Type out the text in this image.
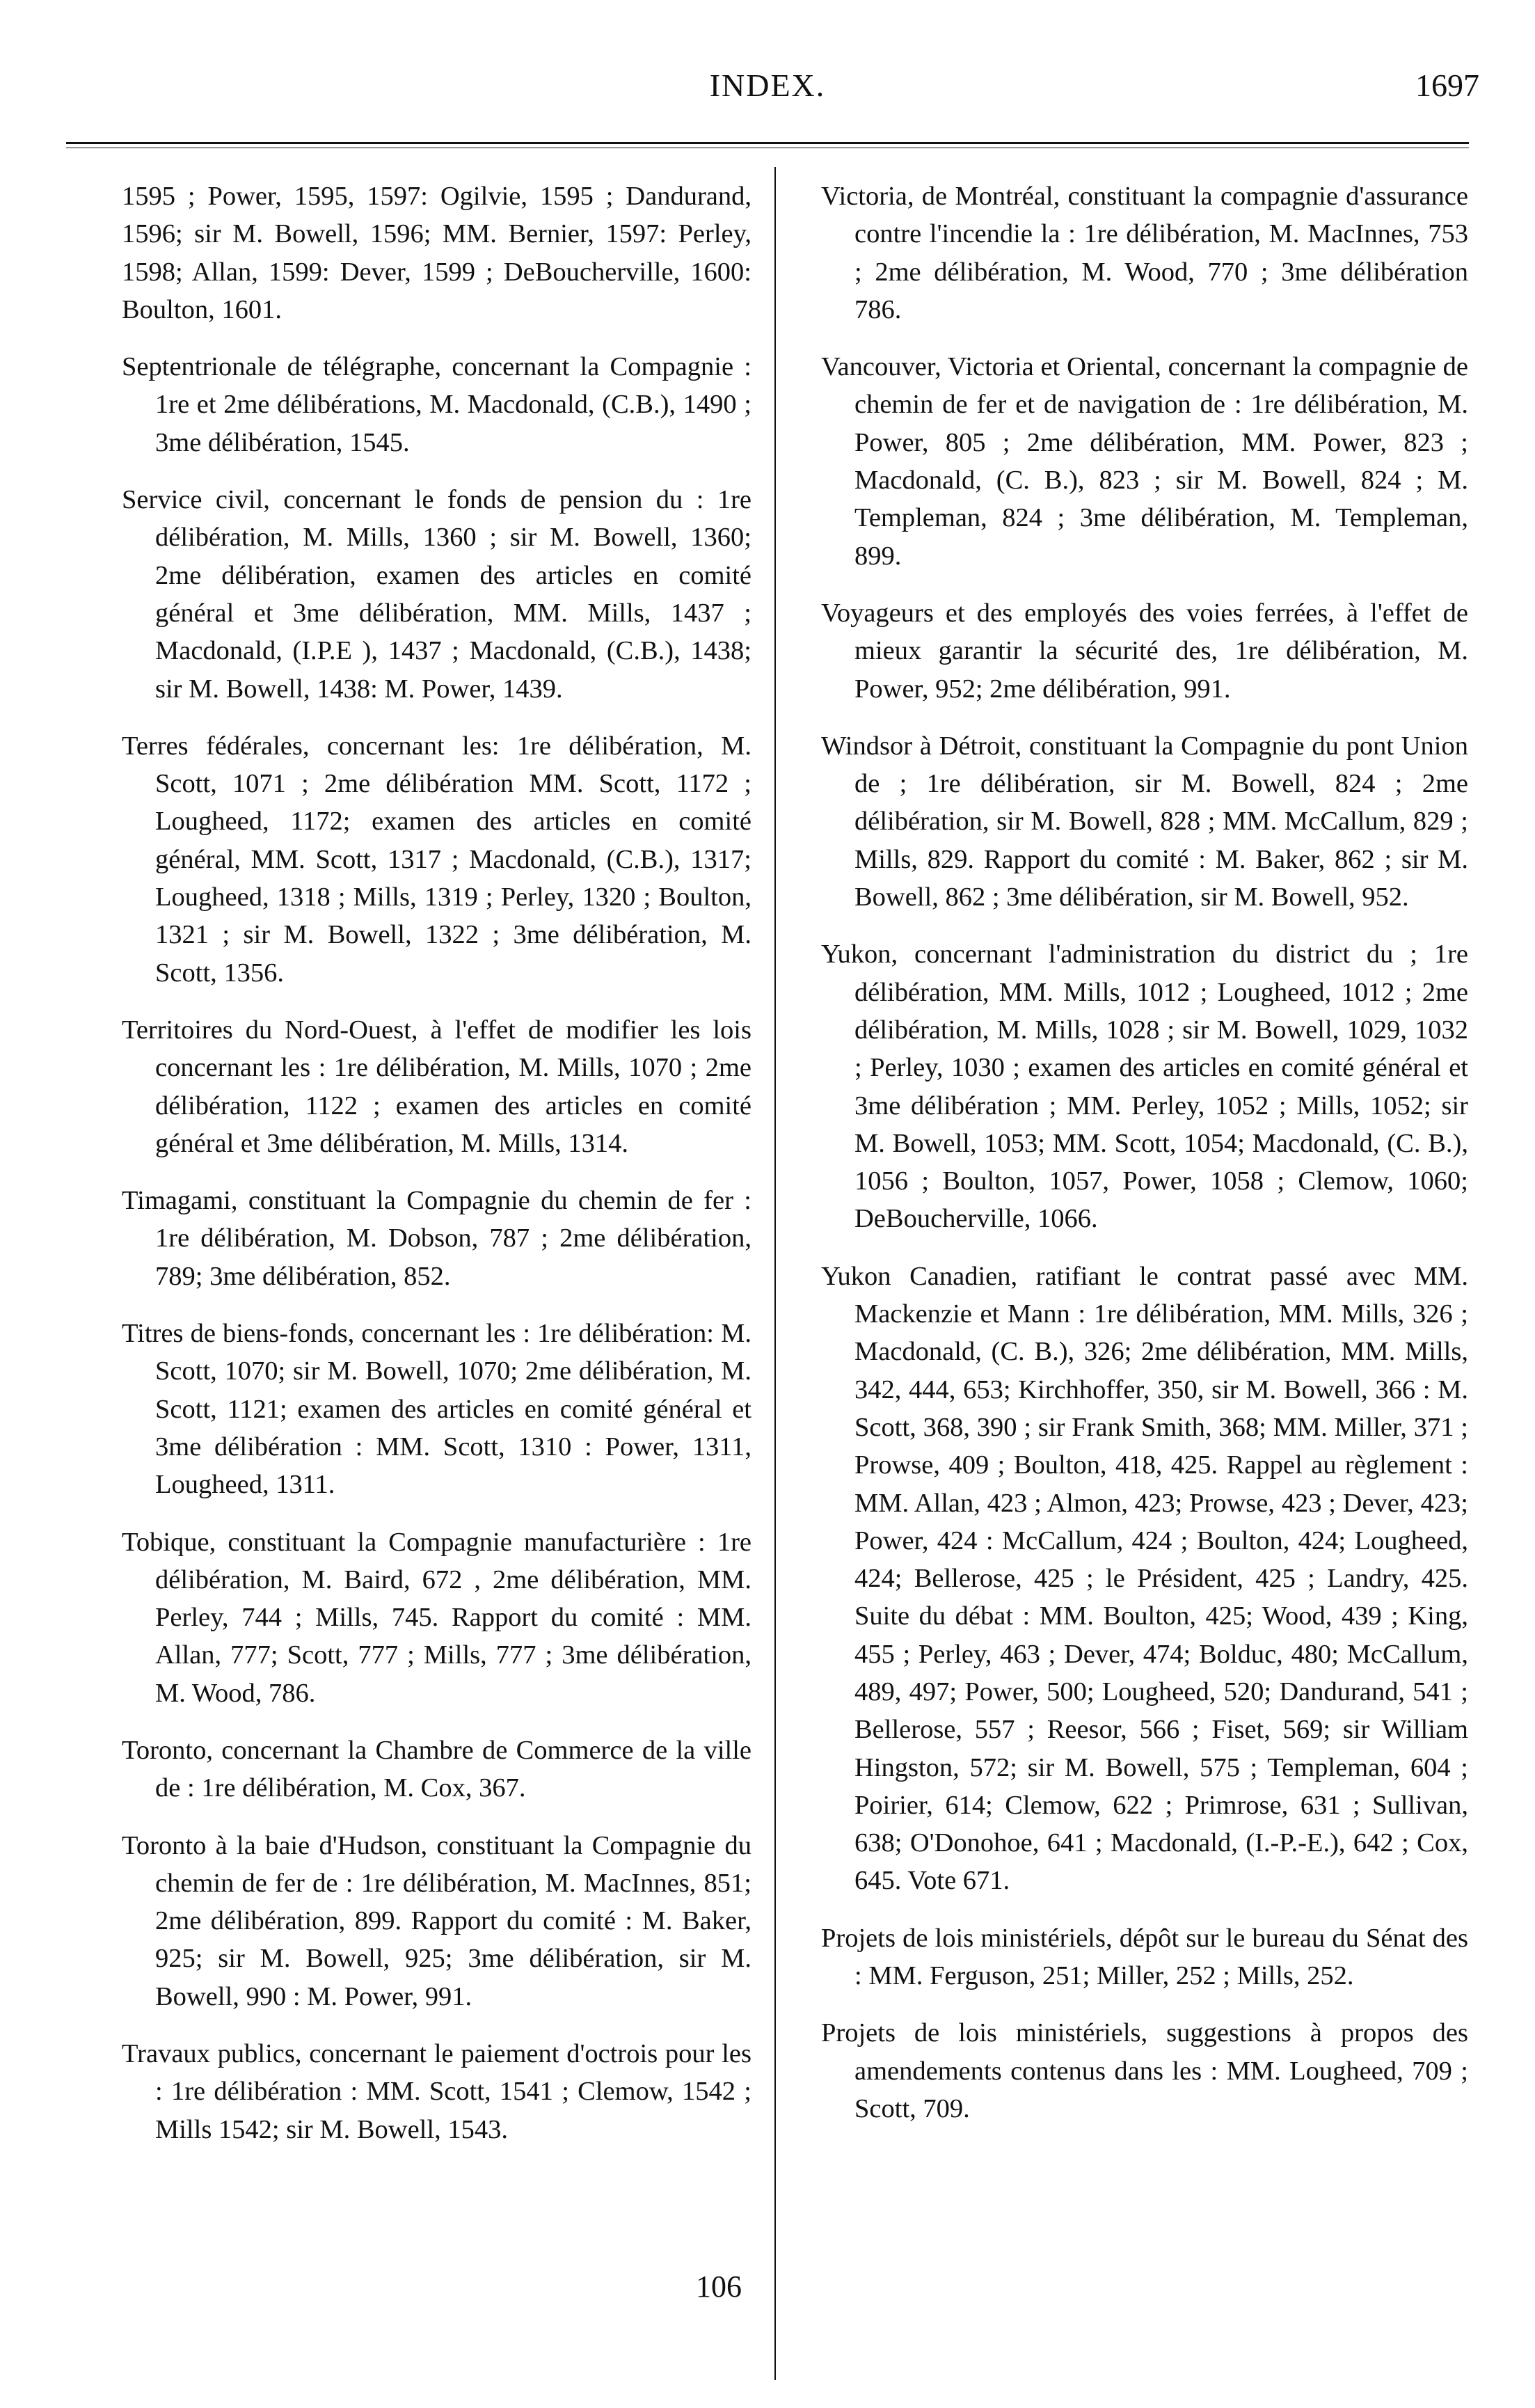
INDEX.	1697

1595 ; Power, 1595, 1597: Ogilvie, 1595 ; Dandurand, 1596; sir M. Bowell, 1596; MM. Bernier, 1597: Perley, 1598; Allan, 1599: Dever, 1599 ; DeBoucherville, 1600: Boulton, 1601.

Septentrionale de télégraphe, concernant la Compagnie : 1re et 2me délibérations, M. Macdonald, (C.B.), 1490 ; 3me délibération, 1545.

Service civil, concernant le fonds de pension du : 1re délibération, M. Mills, 1360 ; sir M. Bowell, 1360; 2me délibération, examen des articles en comité général et 3me délibération, MM. Mills, 1437 ; Macdonald, (I.P.E ), 1437 ; Macdonald, (C.B.), 1438; sir M. Bowell, 1438: M. Power, 1439.

Terres fédérales, concernant les: 1re délibération, M. Scott, 1071 ; 2me délibération MM. Scott, 1172 ; Lougheed, 1172; examen des articles en comité général, MM. Scott, 1317 ; Macdonald, (C.B.), 1317; Lougheed, 1318 ; Mills, 1319 ; Perley, 1320 ; Boulton, 1321 ; sir M. Bowell, 1322 ; 3me délibération, M. Scott, 1356.

Territoires du Nord-Ouest, à l'effet de modifier les lois concernant les : 1re délibération, M. Mills, 1070 ; 2me délibération, 1122 ; examen des articles en comité général et 3me délibération, M. Mills, 1314.

Timagami, constituant la Compagnie du chemin de fer : 1re délibération, M. Dobson, 787 ; 2me délibération, 789; 3me délibération, 852.

Titres de biens-fonds, concernant les : 1re délibération: M. Scott, 1070; sir M. Bowell, 1070; 2me délibération, M. Scott, 1121; examen des articles en comité général et 3me délibération : MM. Scott, 1310 : Power, 1311, Lougheed, 1311.

Tobique, constituant la Compagnie manufacturière : 1re délibération, M. Baird, 672 , 2me délibération, MM. Perley, 744 ; Mills, 745. Rapport du comité : MM. Allan, 777; Scott, 777 ; Mills, 777 ; 3me délibération, M. Wood, 786.

Toronto, concernant la Chambre de Commerce de la ville de : 1re délibération, M. Cox, 367.

Toronto à la baie d'Hudson, constituant la Compagnie du chemin de fer de : 1re délibération, M. MacInnes, 851; 2me délibération, 899. Rapport du comité : M. Baker, 925; sir M. Bowell, 925; 3me délibération, sir M. Bowell, 990 : M. Power, 991.

Travaux publics, concernant le paiement d'octrois pour les : 1re délibération : MM. Scott, 1541 ; Clemow, 1542 ; Mills 1542; sir M. Bowell, 1543.

Victoria, de Montréal, constituant la compagnie d'assurance contre l'incendie la : 1re délibération, M. MacInnes, 753 ; 2me délibération, M. Wood, 770 ; 3me délibération 786.

Vancouver, Victoria et Oriental, concernant la compagnie de chemin de fer et de navigation de : 1re délibération, M. Power, 805 ; 2me délibération, MM. Power, 823 ; Macdonald, (C. B.), 823 ; sir M. Bowell, 824 ; M. Templeman, 824 ; 3me délibération, M. Templeman, 899.

Voyageurs et des employés des voies ferrées, à l'effet de mieux garantir la sécurité des, 1re délibération, M. Power, 952; 2me délibération, 991.

Windsor à Détroit, constituant la Compagnie du pont Union de ; 1re délibération, sir M. Bowell, 824 ; 2me délibération, sir M. Bowell, 828 ; MM. McCallum, 829 ; Mills, 829. Rapport du comité : M. Baker, 862 ; sir M. Bowell, 862 ; 3me délibération, sir M. Bowell, 952.

Yukon, concernant l'administration du district du ; 1re délibération, MM. Mills, 1012 ; Lougheed, 1012 ; 2me délibération, M. Mills, 1028 ; sir M. Bowell, 1029, 1032 ; Perley, 1030 ; examen des articles en comité général et 3me délibération ; MM. Perley, 1052 ; Mills, 1052; sir M. Bowell, 1053; MM. Scott, 1054; Macdonald, (C. B.), 1056 ; Boulton, 1057, Power, 1058 ; Clemow, 1060; DeBoucherville, 1066.

Yukon Canadien, ratifiant le contrat passé avec MM. Mackenzie et Mann : 1re délibération, MM. Mills, 326 ; Macdonald, (C. B.), 326; 2me délibération, MM. Mills, 342, 444, 653; Kirchhoffer, 350, sir M. Bowell, 366 : M. Scott, 368, 390 ; sir Frank Smith, 368; MM. Miller, 371 ; Prowse, 409 ; Boulton, 418, 425. Rappel au règlement : MM. Allan, 423 ; Almon, 423; Prowse, 423 ; Dever, 423; Power, 424 : McCallum, 424 ; Boulton, 424; Lougheed, 424; Bellerose, 425 ; le Président, 425 ; Landry, 425. Suite du débat : MM. Boulton, 425; Wood, 439 ; King, 455 ; Perley, 463 ; Dever, 474; Bolduc, 480; McCallum, 489, 497; Power, 500; Lougheed, 520; Dandurand, 541 ; Bellerose, 557 ; Reesor, 566 ; Fiset, 569; sir William Hingston, 572; sir M. Bowell, 575 ; Templeman, 604 ; Poirier, 614; Clemow, 622 ; Primrose, 631 ; Sullivan, 638; O'Donohoe, 641 ; Macdonald, (I.-P.-E.), 642 ; Cox, 645. Vote 671.

Projets de lois ministériels, dépôt sur le bureau du Sénat des : MM. Ferguson, 251; Miller, 252 ; Mills, 252.

Projets de lois ministériels, suggestions à propos des amendements contenus dans les : MM. Lougheed, 709 ; Scott, 709.

106
